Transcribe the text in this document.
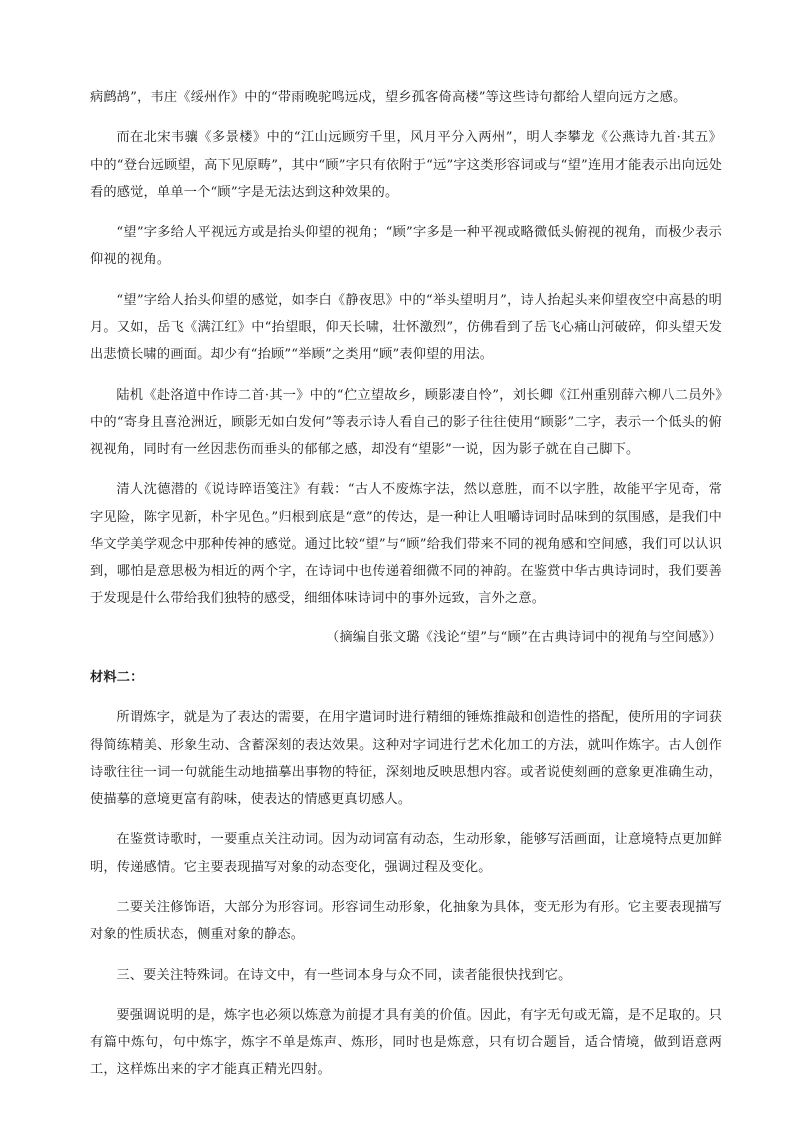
病鹧鸪”，韦庄《绥州作》中的“带雨晚驼鸣远戍，望乡孤客倚高楼”等这些诗句都给人望向远方之感。

而在北宋韦骧《多景楼》中的“江山远顾穷千里，风月平分入两州”，明人李攀龙《公燕诗九首·其五》中的“登台远顾望，高下见原畴”，其中“顾”字只有依附于“远”字这类形容词或与“望”连用才能表示出向远处看的感觉，单单一个“顾”字是无法达到这种效果的。

“望”字多给人平视远方或是抬头仰望的视角；“顾”字多是一种平视或略微低头俯视的视角，而极少表示仰视的视角。

“望”字给人抬头仰望的感觉，如李白《静夜思》中的“举头望明月”，诗人抬起头来仰望夜空中高悬的明月。又如，岳飞《满江红》中“抬望眼，仰天长啸，壮怀激烈”，仿佛看到了岳飞心痛山河破碎，仰头望天发出悲愤长啸的画面。却少有“抬顾”“举顾”之类用“顾”表仰望的用法。

陆机《赴洛道中作诗二首·其一》中的“伫立望故乡，顾影凄自怜”，刘长卿《江州重别薛六柳八二员外》中的“寄身且喜沧洲近，顾影无如白发何”等表示诗人看自己的影子往往使用“顾影”二字，表示一个低头的俯视视角，同时有一丝因悲伤而垂头的郁郁之感，却没有“望影”一说，因为影子就在自己脚下。

清人沈德潜的《说诗晬语笺注》有载：“古人不废炼字法，然以意胜，而不以字胜，故能平字见奇，常字见险，陈字见新，朴字见色。”归根到底是“意”的传达，是一种让人咀嚼诗词时品味到的氛围感，是我们中华文学美学观念中那种传神的感觉。通过比较“望”与“顾”给我们带来不同的视角感和空间感，我们可以认识到，哪怕是意思极为相近的两个字，在诗词中也传递着细微不同的神韵。在鉴赏中华古典诗词时，我们要善于发现是什么带给我们独特的感受，细细体味诗词中的事外远致，言外之意。

（摘编自张文璐《浅论“望”与“顾”在古典诗词中的视角与空间感》）

材料二：

所谓炼字，就是为了表达的需要，在用字遣词时进行精细的锤炼推敲和创造性的搭配，使所用的字词获得简练精美、形象生动、含蓄深刻的表达效果。这种对字词进行艺术化加工的方法，就叫作炼字。古人创作诗歌往往一词一句就能生动地描摹出事物的特征，深刻地反映思想内容。或者说使刻画的意象更准确生动，使描摹的意境更富有韵味，使表达的情感更真切感人。

在鉴赏诗歌时，一要重点关注动词。因为动词富有动态，生动形象，能够写活画面，让意境特点更加鲜明，传递感情。它主要表现描写对象的动态变化，强调过程及变化。

二要关注修饰语，大部分为形容词。形容词生动形象，化抽象为具体，变无形为有形。它主要表现描写对象的性质状态，侧重对象的静态。

三、要关注特殊词。在诗文中，有一些词本身与众不同，读者能很快找到它。

要强调说明的是，炼字也必须以炼意为前提才具有美的价值。因此，有字无句或无篇，是不足取的。只有篇中炼句，句中炼字，炼字不单是炼声、炼形，同时也是炼意，只有切合题旨，适合情境，做到语意两工，这样炼出来的字才能真正精光四射。
